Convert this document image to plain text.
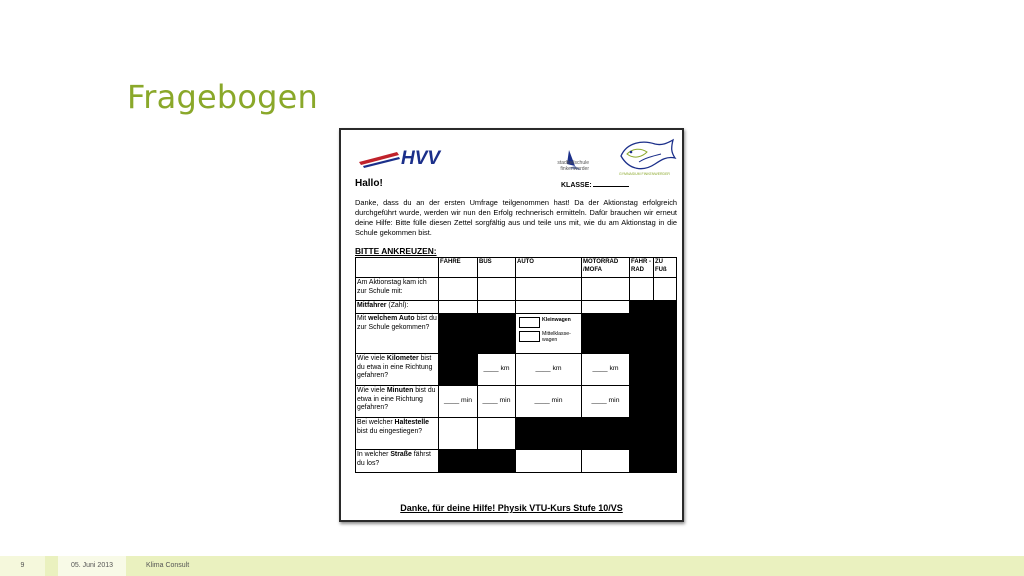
Fragebogen
HVV	stadtteilschule finkenwerder
GYMNASIUM FINKENWERDER
Hallo!	KLASSE:
Danke, dass du an der ersten Umfrage teilgenommen hast! Da der Aktionstag erfolgreich durchgeführt wurde, werden wir nun den Erfolg rechnerisch ermitteln. Dafür brauchen wir erneut deine Hilfe: Bitte fülle diesen Zettel sorgfältig aus und teile uns mit, wie du am Aktionstag in die Schule gekommen bist.
BITTE ANKREUZEN:
	FÄHRE	BUS	AUTO	MOTORRAD /MOFA	FAHR -RAD	ZU FUß
Am Aktionstag kam ich zur Schule mit:						
Mitfahrer (Zahl):						
Mit welchem Auto bist du zur Schule gekommen?			Kleinwagen
Mittelklasse-wagen			

Wie viele Kilometer bist du etwa in eine Richtung gefahren?		____ km	____ km	____ km		
Wie viele Minuten bist du etwa in eine Richtung gefahren?	____ min	____ min	____ min	____ min		
Bei welcher Haltestelle bist du eingestiegen?						
In welcher Straße fährst du los?						
Danke, für deine Hilfe! Physik VTU-Kurs Stufe 10/VS
9	05. Juni 2013	Klima Consult
